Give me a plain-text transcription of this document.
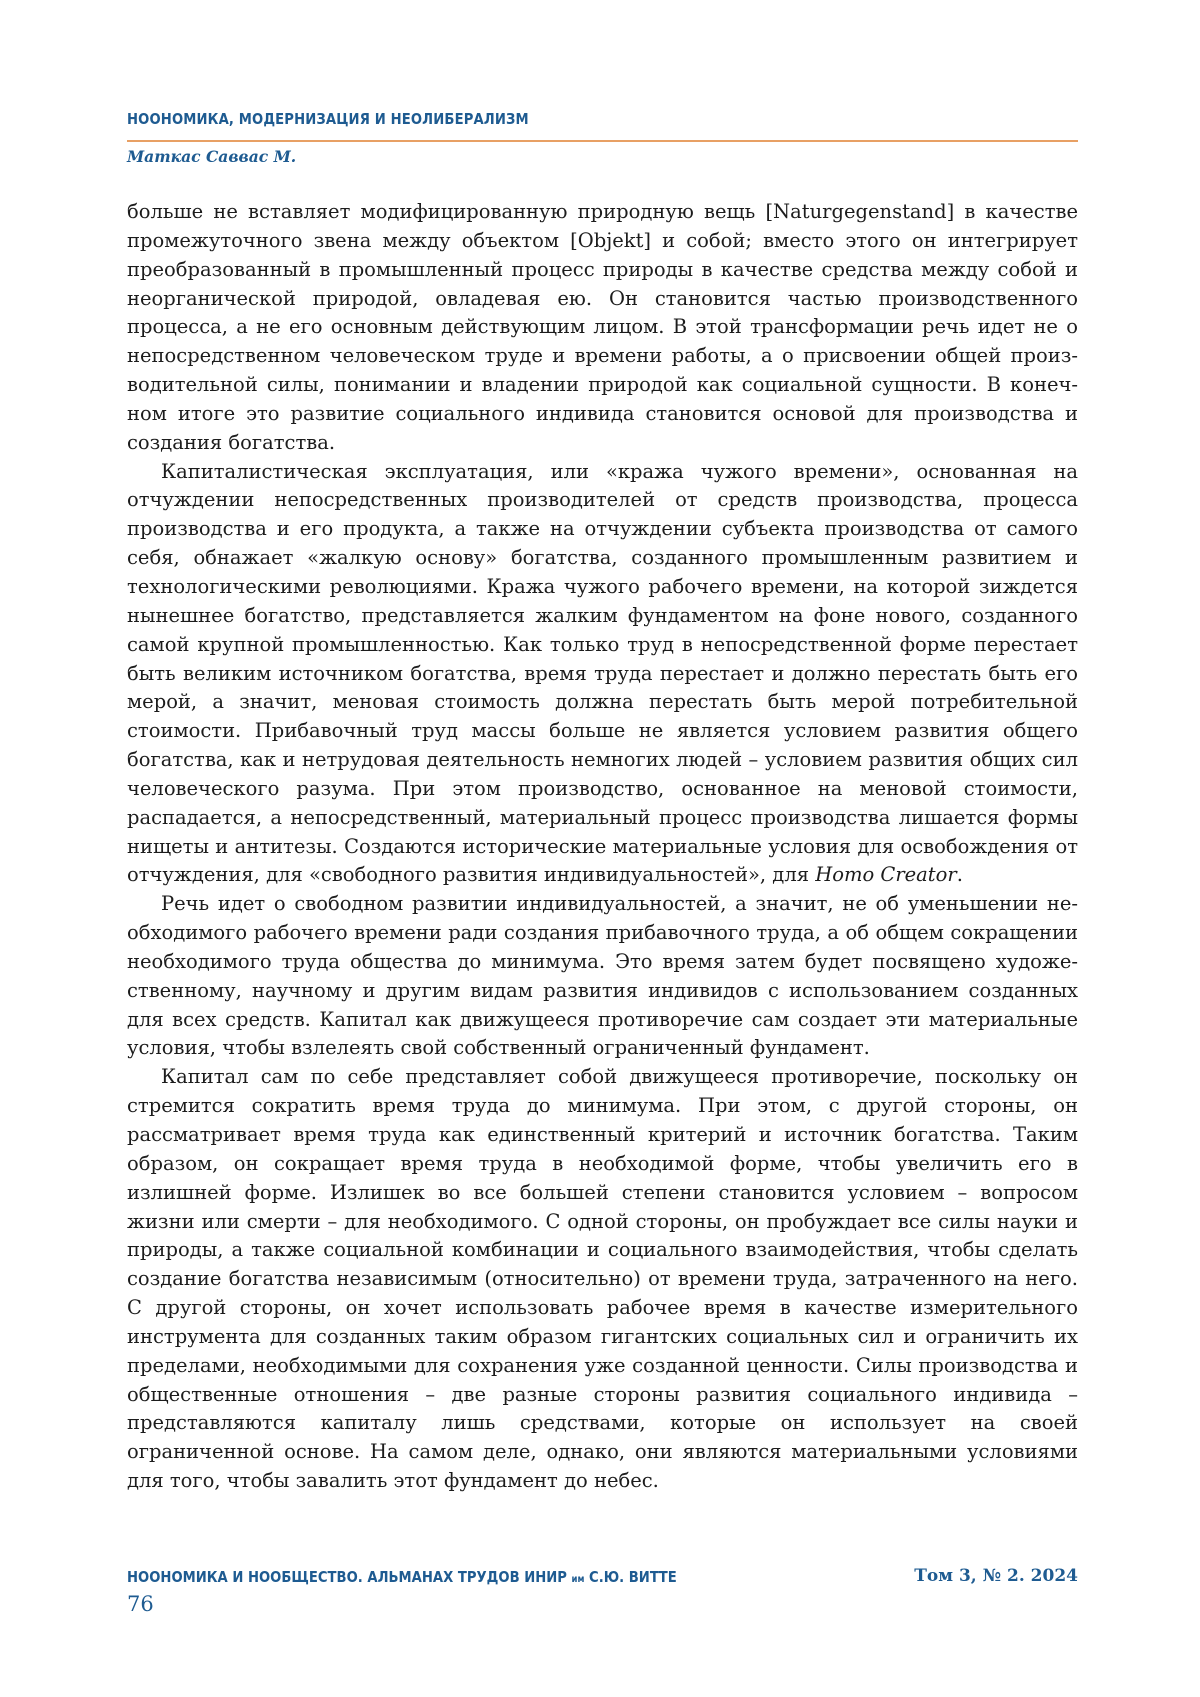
НООНОМИКА, МОДЕРНИЗАЦИЯ И НЕОЛИБЕРАЛИЗМ
Маткас Саввас М.

больше не вставляет модифицированную природную вещь [Naturgegenstand] в качестве промежуточного звена между объектом [Objekt] и собой; вместо этого он интегрирует преобразованный в промышленный процесс природы в качестве средства между собой и неорганической природой, овладевая ею. Он становится частью производственного процесса, а не его основным действующим лицом. В этой трансформации речь идет не о непосредственном человеческом труде и времени работы, а о присвоении общей производительной силы, понимании и владении природой как социальной сущности. В конечном итоге это развитие социального индивида становится основой для производства и создания богатства.

Капиталистическая эксплуатация, или «кража чужого времени», основанная на отчуждении непосредственных производителей от средств производства, процесса производства и его продукта, а также на отчуждении субъекта производства от самого себя, обнажает «жалкую основу» богатства, созданного промышленным развитием и технологическими революциями. Кража чужого рабочего времени, на которой зиждется нынешнее богатство, представляется жалким фундаментом на фоне нового, созданного самой крупной промышленностью. Как только труд в непосредственной форме перестает быть великим источником богатства, время труда перестает и должно перестать быть его мерой, а значит, меновая стоимость должна перестать быть мерой потребительной стоимости. Прибавочный труд массы больше не является условием развития общего богатства, как и нетрудовая деятельность немногих людей – условием развития общих сил человеческого разума. При этом производство, основанное на меновой стоимости, распадается, а непосредственный, материальный процесс производства лишается формы нищеты и антитезы. Создаются исторические материальные условия для освобождения от отчуждения, для «свободного развития индивидуальностей», для Homo Creator.

Речь идет о свободном развитии индивидуальностей, а значит, не об уменьшении необходимого рабочего времени ради создания прибавочного труда, а об общем сокращении необходимого труда общества до минимума. Это время затем будет посвящено художественному, научному и другим видам развития индивидов с использованием созданных для всех средств. Капитал как движущееся противоречие сам создает эти материальные условия, чтобы взлелеять свой собственный ограниченный фундамент.

Капитал сам по себе представляет собой движущееся противоречие, поскольку он стремится сократить время труда до минимума. При этом, с другой стороны, он рассматривает время труда как единственный критерий и источник богатства. Таким образом, он сокращает время труда в необходимой форме, чтобы увеличить его в излишней форме. Излишек во все большей степени становится условием – вопросом жизни или смерти – для необходимого. С одной стороны, он пробуждает все силы науки и природы, а также социальной комбинации и социального взаимодействия, чтобы сделать создание богатства независимым (относительно) от времени труда, затраченного на него. С другой стороны, он хочет использовать рабочее время в качестве измерительного инструмента для созданных таким образом гигантских социальных сил и ограничить их пределами, необходимыми для сохранения уже созданной ценности. Силы производства и общественные отношения – две разные стороны развития социального индивида – представляются капиталу лишь средствами, которые он использует на своей ограниченной основе. На самом деле, однако, они являются материальными условиями для того, чтобы завалить этот фундамент до небес.

НООНОМИКА И НООБЩЕСТВО. АЛЬМАНАХ ТРУДОВ ИНИР им С.Ю. ВИТТЕ	Том 3, № 2. 2024
76
